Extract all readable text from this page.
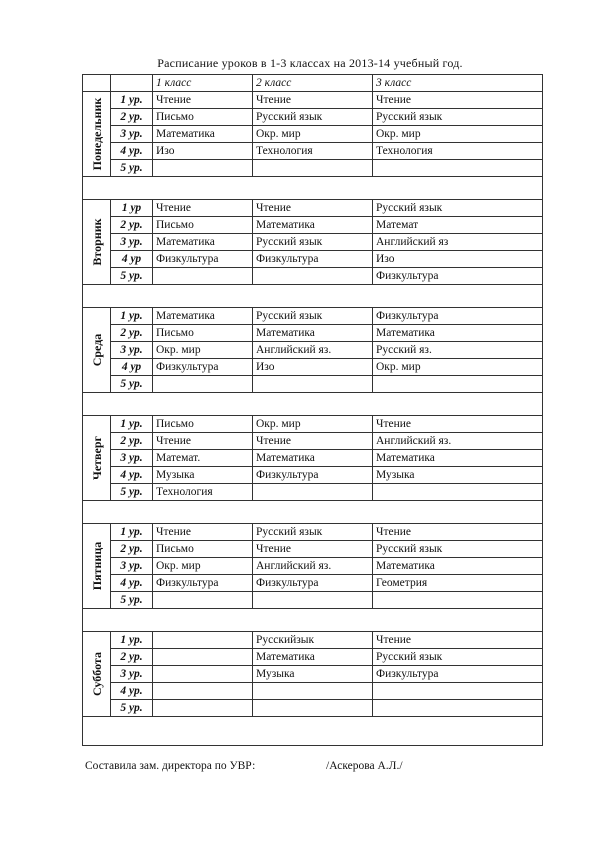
Расписание уроков в 1-3 классах на 2013-14 учебный год.
		1 класс	2 класс	3 класс

Понедельник	1 ур.	Чтение	Чтение	Чтение
	2 ур.	Письмо	Русский язык	Русский язык
	3 ур.	Математика	Окр. мир	Окр. мир
	4 ур.	Изо	Технология	Технология
	5 ур.			

Вторник	1 ур	Чтение	Чтение	Русский язык
	2 ур.	Письмо	Математика	Математ
	3 ур.	Математика	Русский язык	Английский яз
	4 ур	Физкультура	Физкультура	Изо
	5 ур.			Физкультура

Среда	1 ур.	Математика	Русский язык	Физкультура
	2 ур.	Письмо	Математика	Математика
	3 ур.	Окр. мир	Английский яз.	Русский яз.
	4 ур	Физкультура	Изо	Окр. мир
	5 ур.			

Четверг	1 ур.	Письмо	Окр. мир	Чтение
	2 ур.	Чтение	Чтение	Английский яз.
	3 ур.	Математ.	Математика	Математика
	4 ур.	Музыка	Физкультура	Музыка
	5 ур.	Технология		

Пятница	1 ур.	Чтение	Русский язык	Чтение
	2 ур.	Письмо	Чтение	Русский язык
	3 ур.	Окр. мир	Английский яз.	Математика
	4 ур.	Физкультура	Физкультура	Геометрия
	5 ур.			

Суббота	1 ур.		Русскийзык	Чтение
	2 ур.		Математика	Русский язык
	3 ур.		Музыка	Физкультура
	4 ур.			
	5 ур.			

Составила зам. директора по УВР:	/Аскерова А.Л./
